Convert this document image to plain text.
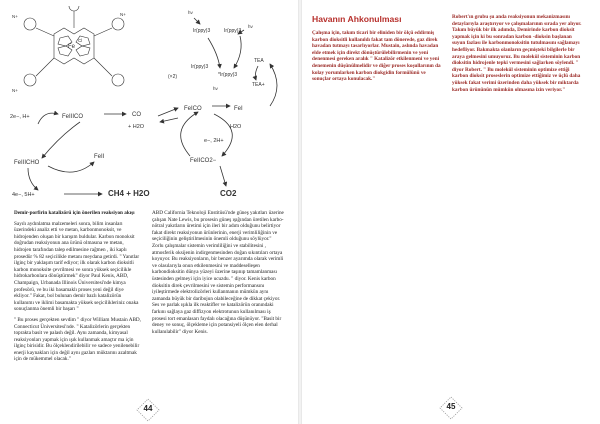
Fe
Cl
N+	N+
N+
Ir(ppy)3	Ir(ppy)3
Ir(ppy)3
*Ir(ppy)3
TEA
TEA+
hν
hν
hν
(×2)
2e−, H+	FeIIICO	CO
+ H2O
FeICO	FeI
FeIICO2−
H2O
e−, 2H+
FeII
FeIIICHO
4e−, 5H+	CH4 + H2O	CO2

Demir-porfirin katalizörü için önerilen reaksiyon akışı

Sayılı aydınlatma malzemeleri sonra, bilim insanları üzerindeki analiz etti ve metan, karbonmonoksit, ve hidrojenden oluşan bir karışım buldular. Karbon monoksit doğrudan reaksiyonun ana ürünü olmasına ve metan, hidrojen tarafından talep edilmesine rağmen , iki kaplı prosedür % 82 seçicilikle metanı meydana getirdi. " Yanıtlar ilginç bir yaklaşım tarif ediyor; ilk olarak karbon dioksitli karbon monoksite çevrilmesi ve sonra yüksek seçicilikle hidrokarbonlara dönüştürmek" diyor Paul Kenis, ABD, Champaign, Urbanada Illinois Üniversitesi'nde kimya profesörü, ve bu iki basamaklı proses yeni değil diye ekliyor." Fakat, bol bulunan demir bazlı katalizörün kullanımı ve iklimi basamakta yüksek seçicilikleriniz onaka sonuçlanma önemli bir başarı "

" Bu proses gerçekten sevdim " diyor William Mustain ABD, Connecticut Üniversitesi'nde. " Katalizörlerin gerçekten toprakta basit ve palash değil. Aynı zamanda, kimyasal reaksiyonları yapmak için ışık kullanmak amaçtır ma için ilginç birisidir. Bu ölçeklendirilebilir ve sadece yenilenebilir enerji kaynakları için değil aynı gazları müktarını azaltmak için de mükemmel olacak."

ABD California Teknoloji Enstitüsü'nde güneş yakıtları üzerine çalışan Nate Lewis, bu prosesin güneş ışığından üretilen karbo-nötral yakıtların üretimi için ileri bir adım olduğunu belirtiyor fakat direkt reaksiyonun ürünlerinin, enerji verimliliğinin ve seçiciliğinin geliştirilmesinin önemli olduğunu söylüyor." Zorlu çalışmalar sistemin verimliliğini ve stabilitesini , atmosferik oksijenin indirgenmesinden doğan sıkıntıları ortaya koyuyor. Bu reaksiyonların, bir benzer ayarımda olarak verimli ve olasılarıyla onun etkilenmesini ve maddeselleşen karbondioksitin dünya yüzeyi üzerine taşınıp tamamlanması üstesinden gelmeyi için iyice ucuzdu. " diyor. Kenis karbon dioksitin direk çevrilmesini ve sistemin performansını iyileştirmede elektrolizörleri kullanmanın mümkün aynı zamanda büyük bir daribojun olabileceğine de dikkat çekiyor. Ses ve parlak ışıkla ilk reaktifler ve katalizörün oranındaki farkını sağlaya gaz diffizyon elektrotunun kullanılması iş prosesi tort emanlasarı faydalı olacağına düşünüyor. "Basit bir deney ve sonuç, ölçekleme için potansiyeli ölçen elen derhal kullanılabilir" diyor Kenis.

44
Havanın Ahkonulması

Çalışma için, takım ticari bir eliniden bir ölçü eddirmiş karbon dioksitli kullanıldı fakat tam dönerede, gaz direk havadan tutmayı tasarlıyorlar. Mustain, aslında havadan elde etmek için direkt dönüştürülebilirmenin ve yeni denenmesi gereken aralık " Katalizör etkilenmeni ve yeni denemenin düşünülmelidir ve diğer proses koşullarının da kolay yorumlarken karbon diokgidin formülünü ve sonuçlar ortaya konulacak."

Robert'ın grubu şu anda reaksiyonun mekanizmasını detaylarıyla araştırıyor ve çalışmalarının sırada yer alıyor. Takım büyük bir ilk adımda, Demirinde karbon dioksit yapmak için ki bu sonradan karbon -dioksin başlanan suyun fazlası ile karbonmonoksitin tutulmasını sağlamayı hedefliyor. Bakmakta olanların geçmişteki bilgilerle bir araya gelmesini umuyoruz. Bu molekül sisteminin karbon dioksitin hidrojenle tepki vermesini sağlarken söylendi. " diyor Robert. " Bu molekül sisteminin optimize ettiği karbon dioksit proseslerin optimize ettiğimiz ve üçlü daha yüksek fakat verimi üzerinden daha yüksek bir miktarda karbon ürününün mümkün olmasına izin veriyor."

45
